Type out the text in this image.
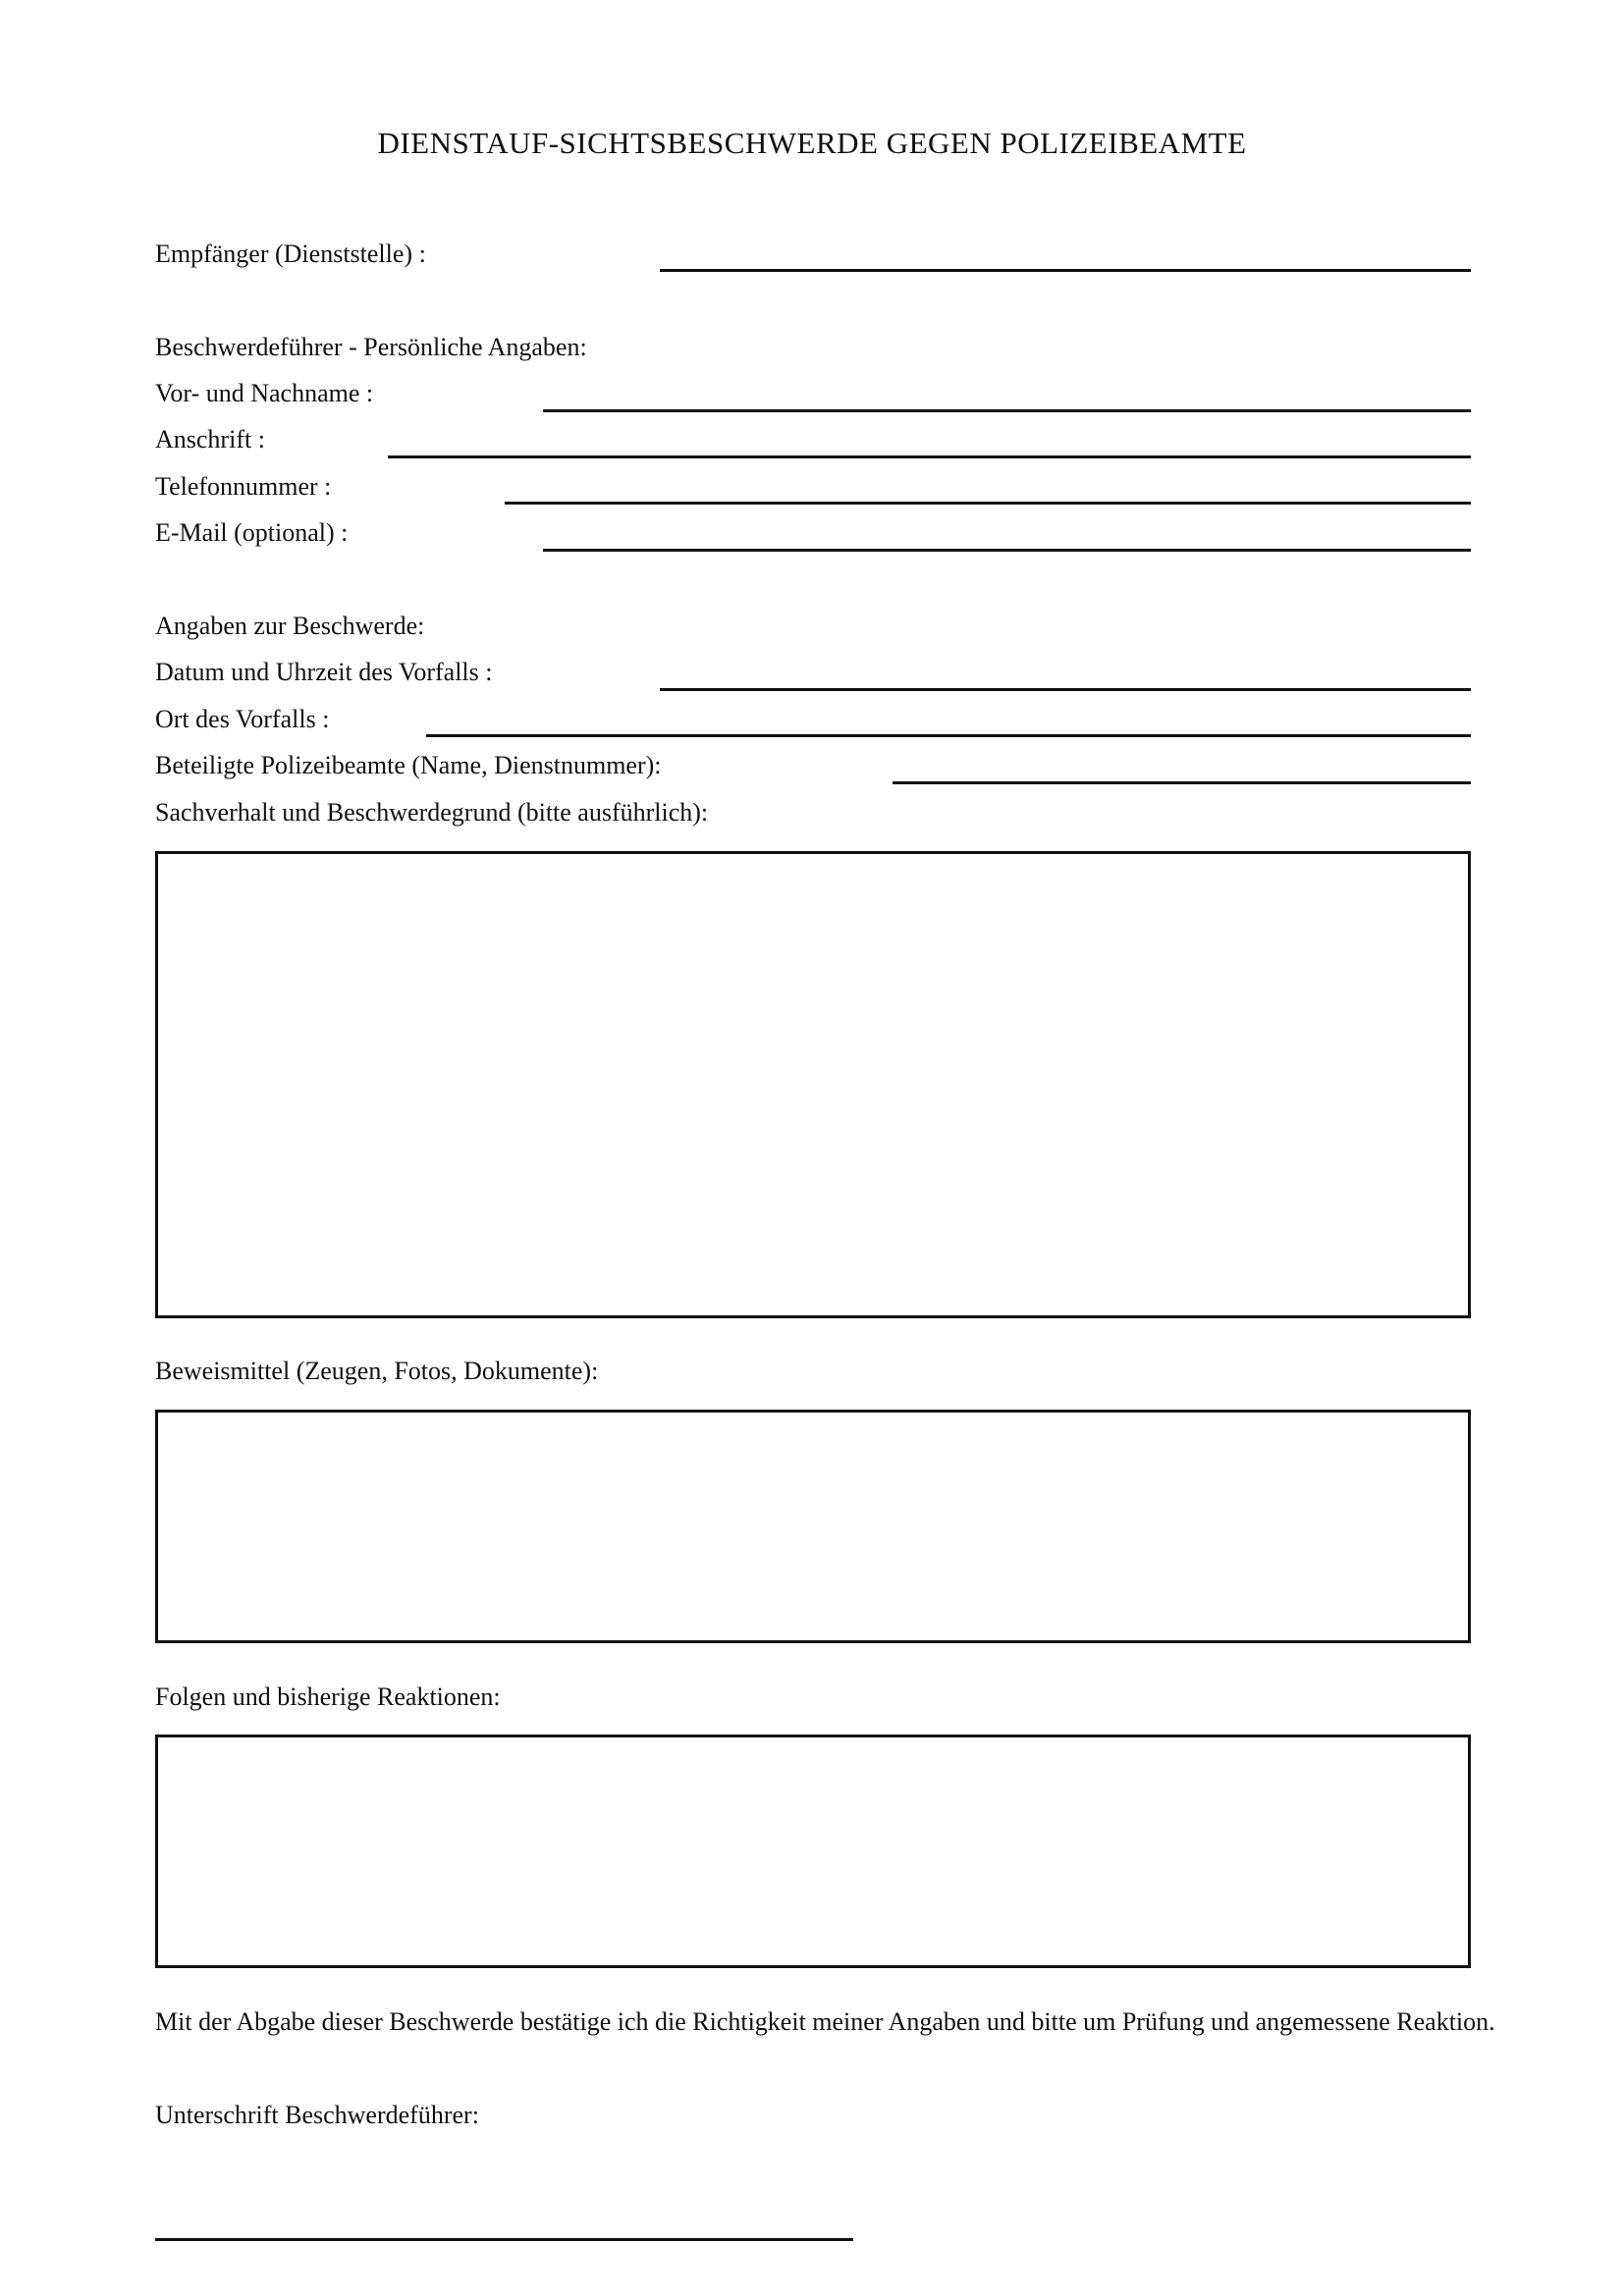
DIENSTAUF-SICHTSBESCHWERDE GEGEN POLIZEIBEAMTE
Empfänger (Dienststelle) :
Beschwerdeführer - Persönliche Angaben:
Vor- und Nachname :
Anschrift :
Telefonnummer :
E-Mail (optional) :
Angaben zur Beschwerde:
Datum und Uhrzeit des Vorfalls :
Ort des Vorfalls :
Beteiligte Polizeibeamte (Name, Dienstnummer):
Sachverhalt und Beschwerdegrund (bitte ausführlich):
Beweismittel (Zeugen, Fotos, Dokumente):
Folgen und bisherige Reaktionen:
Mit der Abgabe dieser Beschwerde bestätige ich die Richtigkeit meiner Angaben und bitte um Prüfung und angemessene Reaktion.
Unterschrift Beschwerdeführer:
